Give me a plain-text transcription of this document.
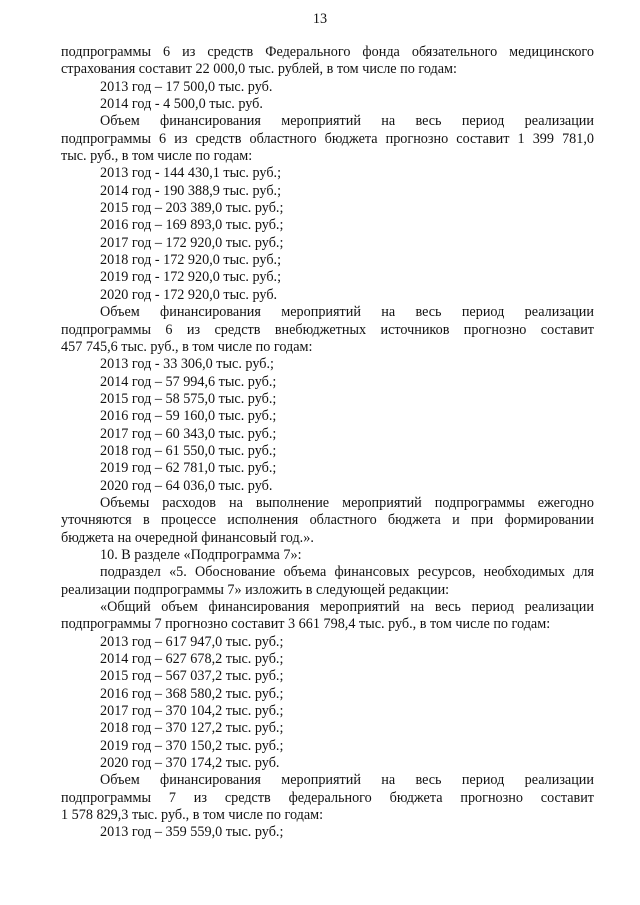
13
подпрограммы 6 из средств Федерального фонда обязательного медицинского
страхования составит 22 000,0 тыс. рублей, в том числе по годам:
2013 год – 17 500,0 тыс. руб.
2014 год - 4 500,0 тыс. руб.
Объем финансирования мероприятий на весь период реализации
подпрограммы 6 из средств областного бюджета прогнозно составит 1 399 781,0
тыс. руб., в том числе по годам:
2013 год - 144 430,1 тыс. руб.;
2014 год - 190 388,9 тыс. руб.;
2015 год – 203 389,0 тыс. руб.;
2016 год – 169 893,0 тыс. руб.;
2017 год – 172 920,0 тыс. руб.;
2018 год - 172 920,0 тыс. руб.;
2019 год - 172 920,0 тыс. руб.;
2020 год - 172 920,0 тыс. руб.
Объем финансирования мероприятий на весь период реализации
подпрограммы 6 из средств внебюджетных источников прогнозно составит
457 745,6 тыс. руб., в том числе по годам:
2013 год - 33 306,0 тыс. руб.;
2014 год – 57 994,6 тыс. руб.;
2015 год – 58 575,0 тыс. руб.;
2016 год – 59 160,0 тыс. руб.;
2017 год – 60 343,0 тыс. руб.;
2018 год – 61 550,0 тыс. руб.;
2019 год – 62 781,0 тыс. руб.;
2020 год – 64 036,0 тыс. руб.
Объемы расходов на выполнение мероприятий подпрограммы ежегодно
уточняются в процессе исполнения областного бюджета и при формировании
бюджета на очередной финансовый год.».
10. В разделе «Подпрограмма 7»:
подраздел «5. Обоснование объема финансовых ресурсов, необходимых для
реализации подпрограммы 7» изложить в следующей редакции:
«Общий объем финансирования мероприятий на весь период реализации
подпрограммы 7 прогнозно составит 3 661 798,4 тыс. руб., в том числе по годам:
2013 год – 617 947,0 тыс. руб.;
2014 год – 627 678,2 тыс. руб.;
2015 год – 567 037,2 тыс. руб.;
2016 год – 368 580,2 тыс. руб.;
2017 год – 370 104,2 тыс. руб.;
2018 год – 370 127,2 тыс. руб.;
2019 год – 370 150,2 тыс. руб.;
2020 год – 370 174,2 тыс. руб.
Объем финансирования мероприятий на весь период реализации
подпрограммы 7 из средств федерального бюджета прогнозно составит
1 578 829,3 тыс. руб., в том числе по годам:
2013 год – 359 559,0 тыс. руб.;
